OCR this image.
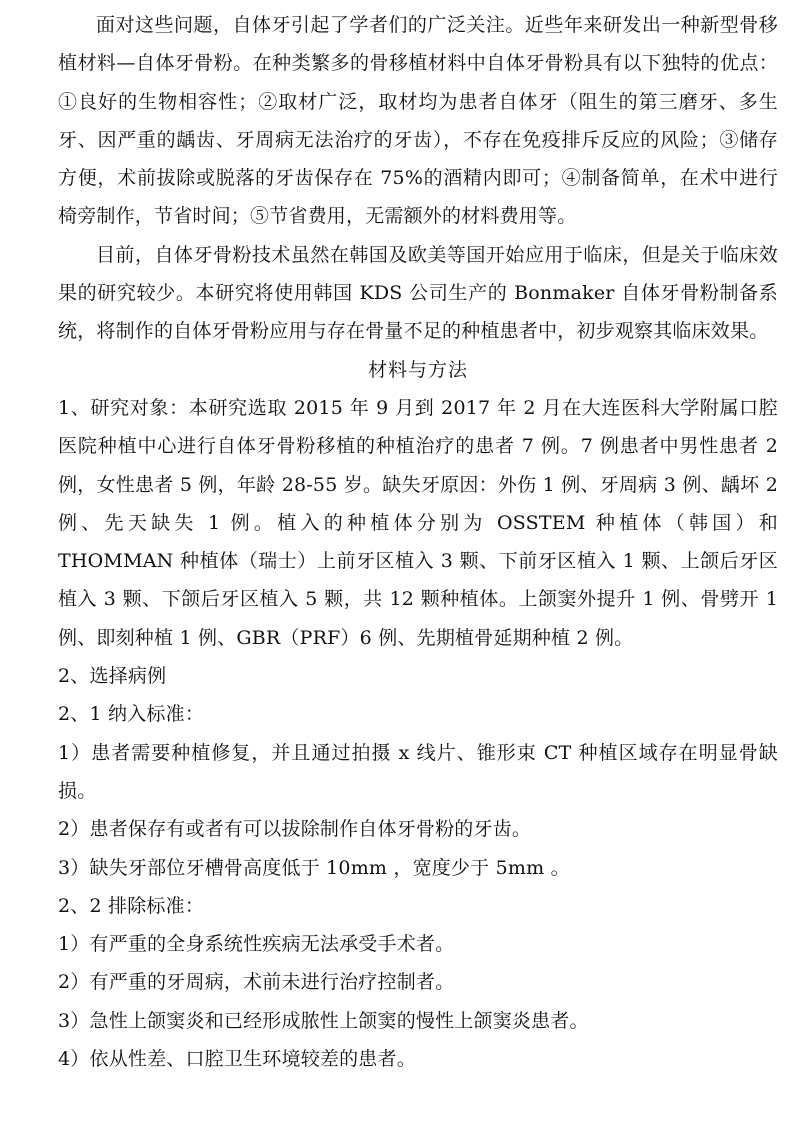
面对这些问题，自体牙引起了学者们的广泛关注。近些年来研发出一种新型骨移植材料—自体牙骨粉。在种类繁多的骨移植材料中自体牙骨粉具有以下独特的优点：①良好的生物相容性；②取材广泛，取材均为患者自体牙（阻生的第三磨牙、多生牙、因严重的龋齿、牙周病无法治疗的牙齿），不存在免疫排斥反应的风险；③储存方便，术前拔除或脱落的牙齿保存在 75%的酒精内即可；④制备简单，在术中进行椅旁制作，节省时间；⑤节省费用，无需额外的材料费用等。

目前，自体牙骨粉技术虽然在韩国及欧美等国开始应用于临床，但是关于临床效果的研究较少。本研究将使用韩国 KDS 公司生产的 Bonmaker 自体牙骨粉制备系统，将制作的自体牙骨粉应用与存在骨量不足的种植患者中，初步观察其临床效果。

材料与方法

1、研究对象：本研究选取 2015 年 9 月到 2017 年 2 月在大连医科大学附属口腔医院种植中心进行自体牙骨粉移植的种植治疗的患者 7 例。7 例患者中男性患者 2 例，女性患者 5 例，年龄 28-55 岁。缺失牙原因：外伤 1 例、牙周病 3 例、龋坏 2 例、先天缺失 1 例。植入的种植体分别为 OSSTEM 种植体（韩国）和 THOMMAN 种植体（瑞士）上前牙区植入 3 颗、下前牙区植入 1 颗、上颌后牙区植入 3 颗、下颌后牙区植入 5 颗，共 12 颗种植体。上颌窦外提升 1 例、骨劈开 1 例、即刻种植 1 例、GBR（PRF）6 例、先期植骨延期种植 2 例。

2、选择病例

2、1 纳入标准：

1）患者需要种植修复，并且通过拍摄 x 线片、锥形束 CT 种植区域存在明显骨缺损。

2）患者保存有或者有可以拔除制作自体牙骨粉的牙齿。

3）缺失牙部位牙槽骨高度低于 10mm ，宽度少于 5mm 。

2、2 排除标准：

1）有严重的全身系统性疾病无法承受手术者。

2）有严重的牙周病，术前未进行治疗控制者。

3）急性上颌窦炎和已经形成脓性上颌窦的慢性上颌窦炎患者。

4）依从性差、口腔卫生环境较差的患者。
